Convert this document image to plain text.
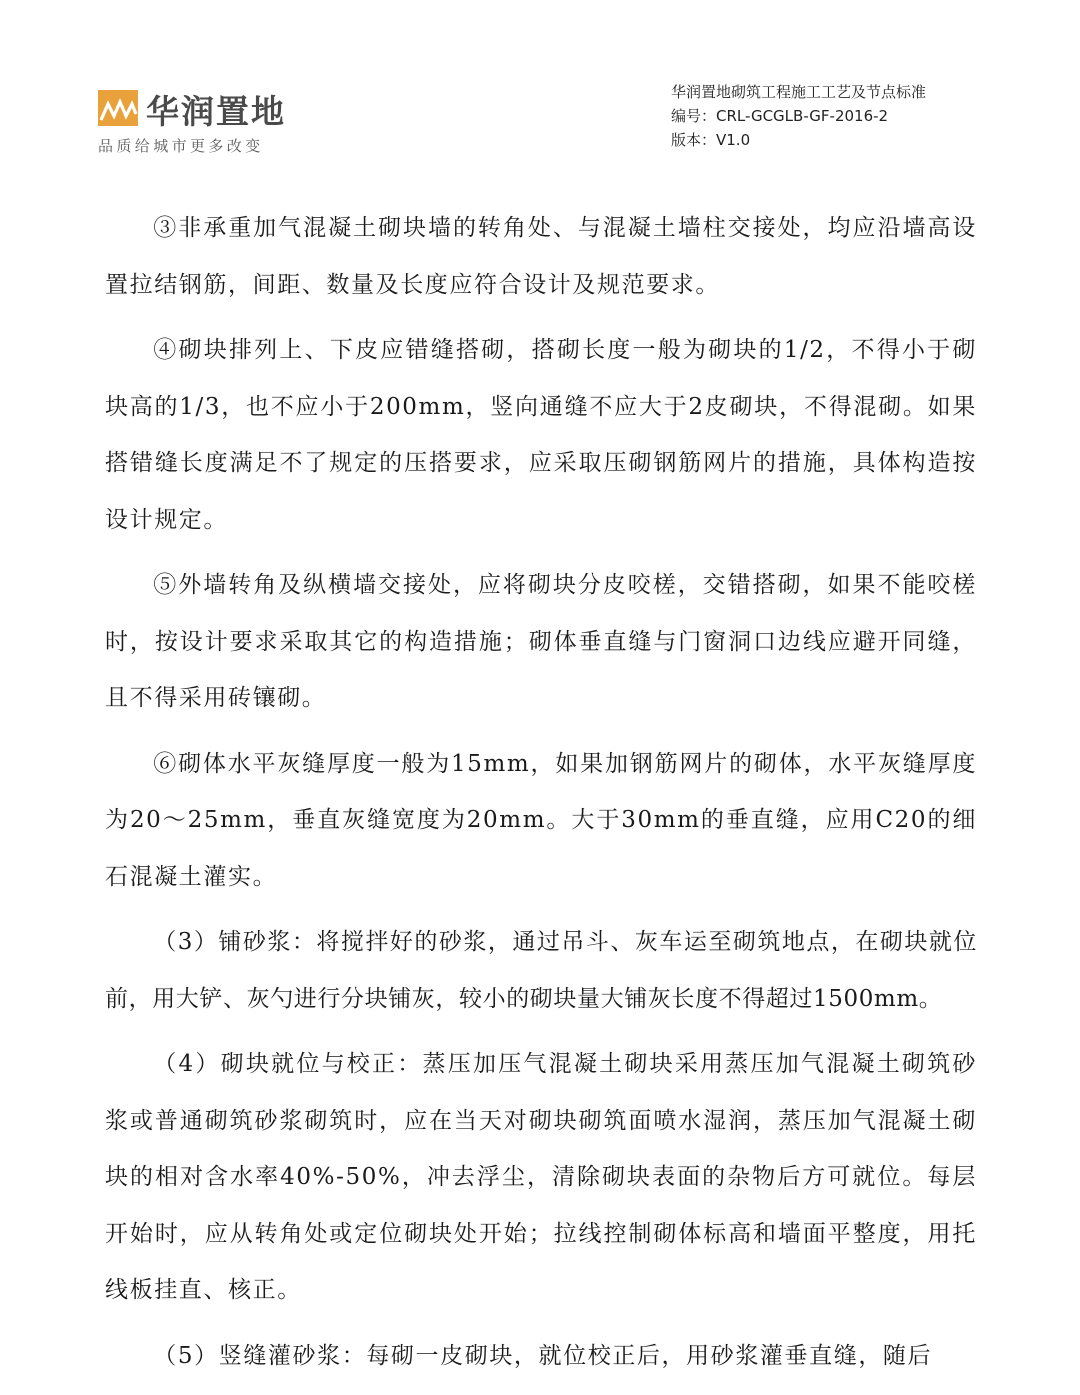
华润置地
品质给城市更多改变
华润置地砌筑工程施工工艺及节点标准
编号：CRL-GCGLB-GF-2016-2
版本：V1.0

③非承重加气混凝土砌块墙的转角处、与混凝土墙柱交接处，均应沿墙高设置拉结钢筋，间距、数量及长度应符合设计及规范要求。

④砌块排列上、下皮应错缝搭砌，搭砌长度一般为砌块的1/2，不得小于砌块高的1/3，也不应小于200mm，竖向通缝不应大于2皮砌块，不得混砌。如果搭错缝长度满足不了规定的压搭要求，应采取压砌钢筋网片的措施，具体构造按设计规定。

⑤外墙转角及纵横墙交接处，应将砌块分皮咬槎，交错搭砌，如果不能咬槎时，按设计要求采取其它的构造措施；砌体垂直缝与门窗洞口边线应避开同缝，且不得采用砖镶砌。

⑥砌体水平灰缝厚度一般为15mm，如果加钢筋网片的砌体，水平灰缝厚度为20～25mm，垂直灰缝宽度为20mm。大于30mm的垂直缝，应用C20的细石混凝土灌实。

（3）铺砂浆：将搅拌好的砂浆，通过吊斗、灰车运至砌筑地点，在砌块就位前，用大铲、灰勺进行分块铺灰，较小的砌块量大铺灰长度不得超过1500mm。

（4）砌块就位与校正：蒸压加压气混凝土砌块采用蒸压加气混凝土砌筑砂浆或普通砌筑砂浆砌筑时，应在当天对砌块砌筑面喷水湿润，蒸压加气混凝土砌块的相对含水率40%-50%，冲去浮尘，清除砌块表面的杂物后方可就位。每层开始时，应从转角处或定位砌块处开始；拉线控制砌体标高和墙面平整度，用托线板挂直、核正。

（5）竖缝灌砂浆：每砌一皮砌块，就位校正后，用砂浆灌垂直缝，随后
